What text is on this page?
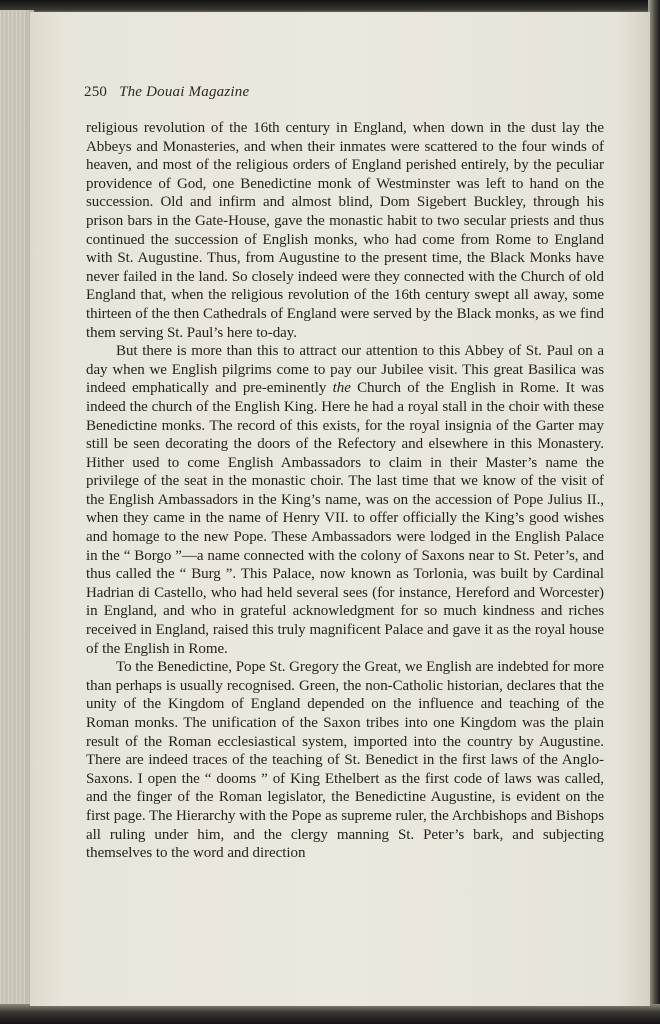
250 The Douai Magazine

religious revolution of the 16th century in England, when down in the dust lay the Abbeys and Monasteries, and when their inmates were scattered to the four winds of heaven, and most of the religious orders of England perished entirely, by the peculiar providence of God, one Benedictine monk of Westminster was left to hand on the succession. Old and infirm and almost blind, Dom Sigebert Buckley, through his prison bars in the Gate-House, gave the monastic habit to two secular priests and thus continued the succession of English monks, who had come from Rome to England with St. Augustine. Thus, from Augustine to the present time, the Black Monks have never failed in the land. So closely indeed were they connected with the Church of old England that, when the religious revolution of the 16th century swept all away, some thirteen of the then Cathedrals of England were served by the Black monks, as we find them serving St. Paul’s here to-day.

But there is more than this to attract our attention to this Abbey of St. Paul on a day when we English pilgrims come to pay our Jubilee visit. This great Basilica was indeed emphatically and pre-eminently the Church of the English in Rome. It was indeed the church of the English King. Here he had a royal stall in the choir with these Benedictine monks. The record of this exists, for the royal insignia of the Garter may still be seen decorating the doors of the Refectory and elsewhere in this Monastery. Hither used to come English Ambassadors to claim in their Master’s name the privilege of the seat in the monastic choir. The last time that we know of the visit of the English Ambassadors in the King’s name, was on the accession of Pope Julius II., when they came in the name of Henry VII. to offer officially the King’s good wishes and homage to the new Pope. These Ambassadors were lodged in the English Palace in the “ Borgo ”—a name connected with the colony of Saxons near to St. Peter’s, and thus called the “ Burg ”. This Palace, now known as Torlonia, was built by Cardinal Hadrian di Castello, who had held several sees (for instance, Hereford and Worcester) in England, and who in grateful acknowledgment for so much kindness and riches received in England, raised this truly magnificent Palace and gave it as the royal house of the English in Rome.

To the Benedictine, Pope St. Gregory the Great, we English are indebted for more than perhaps is usually recognised. Green, the non-Catholic historian, declares that the unity of the Kingdom of England depended on the influence and teaching of the Roman monks. The unification of the Saxon tribes into one Kingdom was the plain result of the Roman ecclesiastical system, imported into the country by Augustine. There are indeed traces of the teaching of St. Benedict in the first laws of the Anglo-Saxons. I open the “ dooms ” of King Ethelbert as the first code of laws was called, and the finger of the Roman legislator, the Benedictine Augustine, is evident on the first page. The Hierarchy with the Pope as supreme ruler, the Archbishops and Bishops all ruling under him, and the clergy manning St. Peter’s bark, and subjecting themselves to the word and direction
